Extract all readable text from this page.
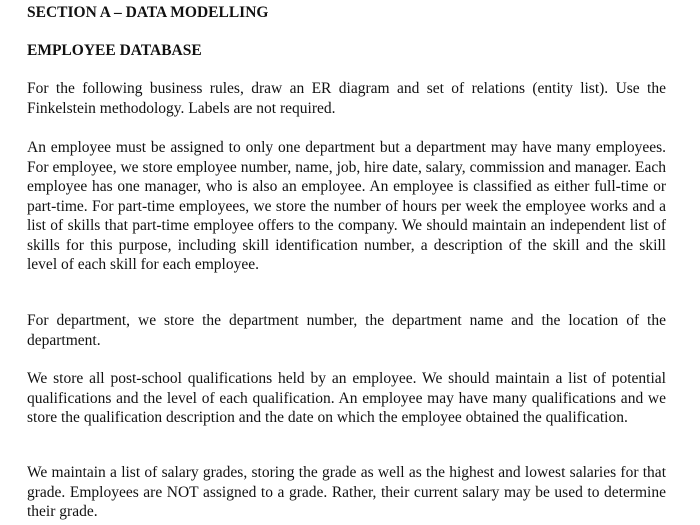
SECTION A – DATA MODELLING
EMPLOYEE DATABASE

For the following business rules, draw an ER diagram and set of relations (entity list). Use the Finkelstein methodology. Labels are not required.

An employee must be assigned to only one department but a department may have many employees. For employee, we store employee number, name, job, hire date, salary, commission and manager. Each employee has one manager, who is also an employee. An employee is classified as either full-time or part-time. For part-time employees, we store the number of hours per week the employee works and a list of skills that part-time employee offers to the company. We should maintain an independent list of skills for this purpose, including skill identification number, a description of the skill and the skill level of each skill for each employee.

For department, we store the department number, the department name and the location of the department.

We store all post-school qualifications held by an employee. We should maintain a list of potential qualifications and the level of each qualification. An employee may have many qualifications and we store the qualification description and the date on which the employee obtained the qualification.

We maintain a list of salary grades, storing the grade as well as the highest and lowest salaries for that grade. Employees are NOT assigned to a grade. Rather, their current salary may be used to determine their grade.
